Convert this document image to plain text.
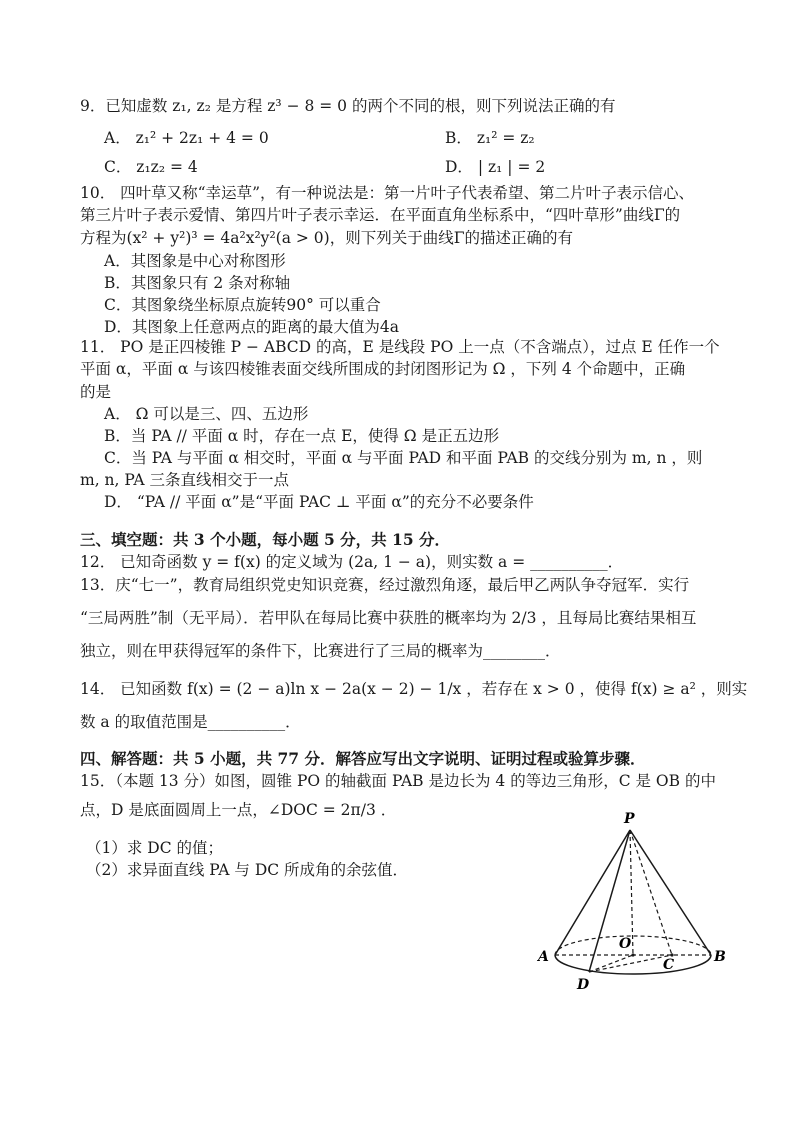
9．已知虚数 z₁, z₂ 是方程 z³ − 8 = 0 的两个不同的根，则下列说法正确的有
A． z₁² + 2z₁ + 4 = 0	B． z₁² = z₂
C． z₁z₂ = 4	D． | z₁ | = 2
10． 四叶草又称“幸运草”，有一种说法是：第一片叶子代表希望、第二片叶子表示信心、
第三片叶子表示爱情、第四片叶子表示幸运．在平面直角坐标系中，“四叶草形”曲线Γ的
方程为(x² + y²)³ = 4a²x²y²(a > 0)，则下列关于曲线Γ的描述正确的有
A．其图象是中心对称图形
B．其图象只有 2 条对称轴
C．其图象绕坐标原点旋转90° 可以重合
D．其图象上任意两点的距离的最大值为4a
11． PO 是正四棱锥 P − ABCD 的高，E 是线段 PO 上一点（不含端点），过点 E 任作一个
平面 α，平面 α 与该四棱锥表面交线所围成的封闭图形记为 Ω ，下列 4 个命题中，正确
的是
A． Ω 可以是三、四、五边形
B．当 PA // 平面 α 时，存在一点 E，使得 Ω 是正五边形
C．当 PA 与平面 α 相交时，平面 α 与平面 PAD 和平面 PAB 的交线分别为 m, n ，则
m, n, PA 三条直线相交于一点
D． “PA // 平面 α”是“平面 PAC ⊥ 平面 α”的充分不必要条件
三、填空题：共 3 个小题，每小题 5 分，共 15 分．
12． 已知奇函数 y = f(x) 的定义域为 (2a, 1 − a)，则实数 a = __________．
13．庆“七一”，教育局组织党史知识竞赛，经过激烈角逐，最后甲乙两队争夺冠军．实行
“三局两胜”制（无平局）．若甲队在每局比赛中获胜的概率均为 2/3 ，且每局比赛结果相互
独立，则在甲获得冠军的条件下，比赛进行了三局的概率为________．
14． 已知函数 f(x) = (2 − a)ln x − 2a(x − 2) − 1/x ，若存在 x > 0 ，使得 f(x) ≥ a² ，则实
数 a 的取值范围是__________．
四、解答题：共 5 小题，共 77 分．解答应写出文字说明、证明过程或验算步骤．
15．（本题 13 分）如图，圆锥 PO 的轴截面 PAB 是边长为 4 的等边三角形，C 是 OB 的中
点，D 是底面圆周上一点，∠DOC = 2π/3 ．
（1）求 DC 的值；
（2）求异面直线 PA 与 DC 所成角的余弦值．
P
O
A	B
C
D
